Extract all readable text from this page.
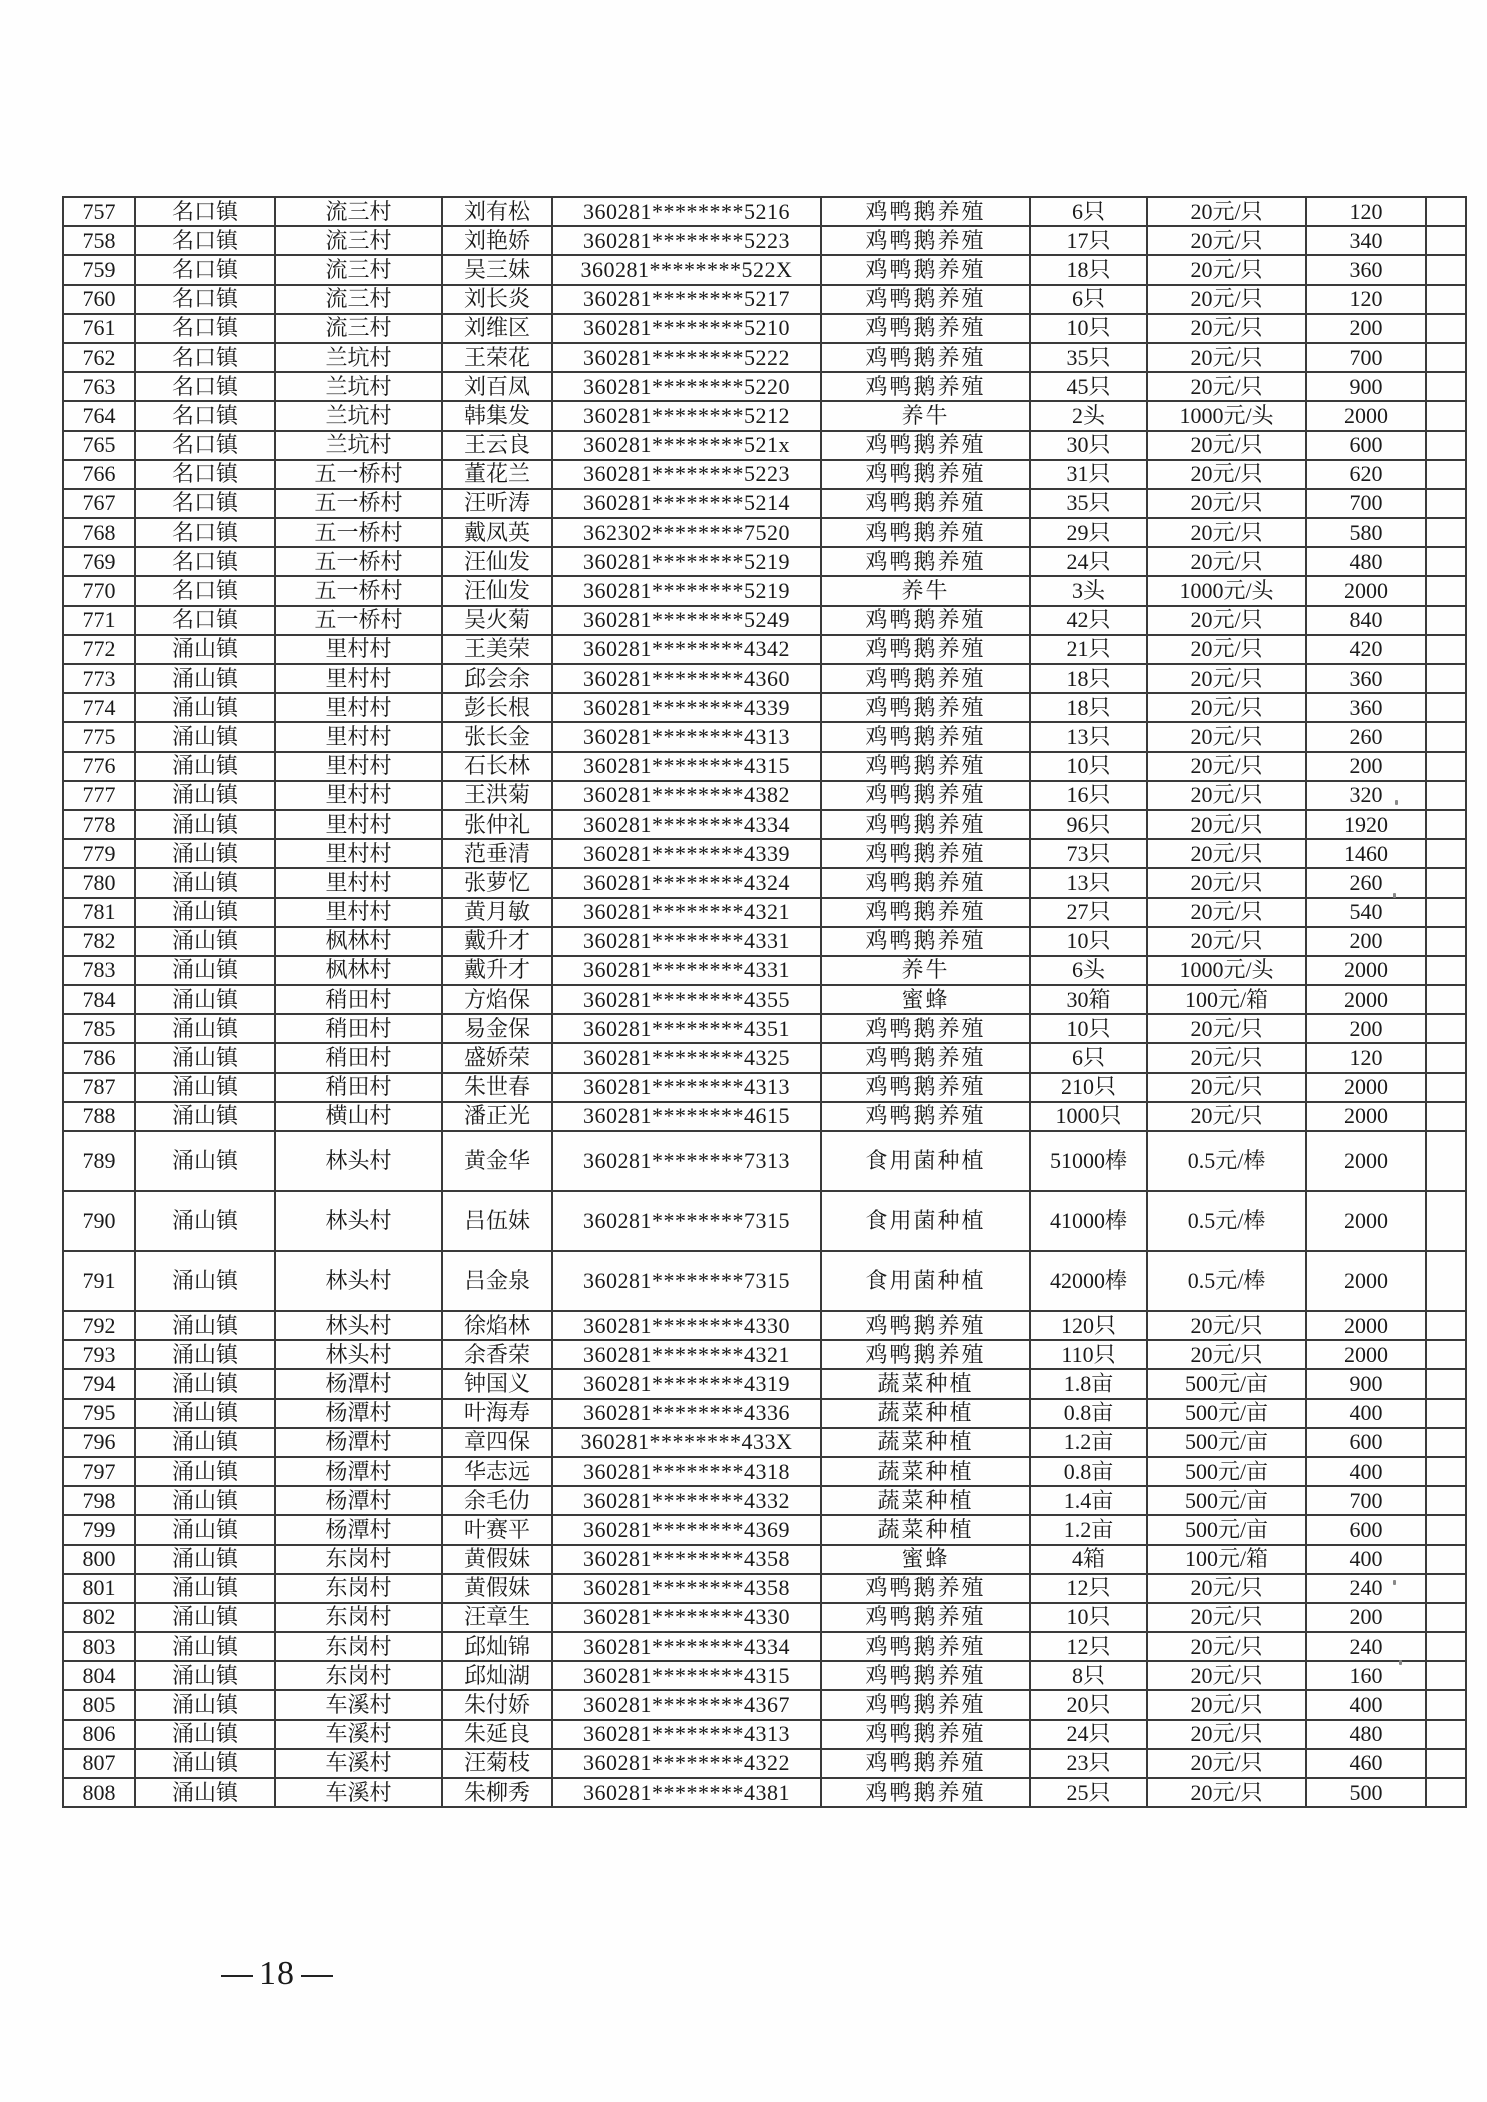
757	名口镇	流三村	刘有松	360281********5216	鸡鸭鹅养殖	6只	20元/只	120	
758	名口镇	流三村	刘艳娇	360281********5223	鸡鸭鹅养殖	17只	20元/只	340	
759	名口镇	流三村	吴三妹	360281********522X	鸡鸭鹅养殖	18只	20元/只	360	
760	名口镇	流三村	刘长炎	360281********5217	鸡鸭鹅养殖	6只	20元/只	120	
761	名口镇	流三村	刘维区	360281********5210	鸡鸭鹅养殖	10只	20元/只	200	
762	名口镇	兰坑村	王荣花	360281********5222	鸡鸭鹅养殖	35只	20元/只	700	
763	名口镇	兰坑村	刘百凤	360281********5220	鸡鸭鹅养殖	45只	20元/只	900	
764	名口镇	兰坑村	韩集发	360281********5212	养牛	2头	1000元/头	2000	
765	名口镇	兰坑村	王云良	360281********521x	鸡鸭鹅养殖	30只	20元/只	600	
766	名口镇	五一桥村	董花兰	360281********5223	鸡鸭鹅养殖	31只	20元/只	620	
767	名口镇	五一桥村	汪听涛	360281********5214	鸡鸭鹅养殖	35只	20元/只	700	
768	名口镇	五一桥村	戴凤英	362302********7520	鸡鸭鹅养殖	29只	20元/只	580	
769	名口镇	五一桥村	汪仙发	360281********5219	鸡鸭鹅养殖	24只	20元/只	480	
770	名口镇	五一桥村	汪仙发	360281********5219	养牛	3头	1000元/头	2000	
771	名口镇	五一桥村	吴火菊	360281********5249	鸡鸭鹅养殖	42只	20元/只	840	
772	涌山镇	里村村	王美荣	360281********4342	鸡鸭鹅养殖	21只	20元/只	420	
773	涌山镇	里村村	邱会余	360281********4360	鸡鸭鹅养殖	18只	20元/只	360	
774	涌山镇	里村村	彭长根	360281********4339	鸡鸭鹅养殖	18只	20元/只	360	
775	涌山镇	里村村	张长金	360281********4313	鸡鸭鹅养殖	13只	20元/只	260	
776	涌山镇	里村村	石长林	360281********4315	鸡鸭鹅养殖	10只	20元/只	200	
777	涌山镇	里村村	王洪菊	360281********4382	鸡鸭鹅养殖	16只	20元/只	320	
778	涌山镇	里村村	张仲礼	360281********4334	鸡鸭鹅养殖	96只	20元/只	1920	
779	涌山镇	里村村	范垂清	360281********4339	鸡鸭鹅养殖	73只	20元/只	1460	
780	涌山镇	里村村	张萝忆	360281********4324	鸡鸭鹅养殖	13只	20元/只	260	
781	涌山镇	里村村	黄月敏	360281********4321	鸡鸭鹅养殖	27只	20元/只	540	
782	涌山镇	枫林村	戴升才	360281********4331	鸡鸭鹅养殖	10只	20元/只	200	
783	涌山镇	枫林村	戴升才	360281********4331	养牛	6头	1000元/头	2000	
784	涌山镇	稍田村	方焰保	360281********4355	蜜蜂	30箱	100元/箱	2000	
785	涌山镇	稍田村	易金保	360281********4351	鸡鸭鹅养殖	10只	20元/只	200	
786	涌山镇	稍田村	盛娇荣	360281********4325	鸡鸭鹅养殖	6只	20元/只	120	
787	涌山镇	稍田村	朱世春	360281********4313	鸡鸭鹅养殖	210只	20元/只	2000	
788	涌山镇	横山村	潘正光	360281********4615	鸡鸭鹅养殖	1000只	20元/只	2000	
789	涌山镇	林头村	黄金华	360281********7313	食用菌种植	51000棒	0.5元/棒	2000	
790	涌山镇	林头村	吕伍妹	360281********7315	食用菌种植	41000棒	0.5元/棒	2000	
791	涌山镇	林头村	吕金泉	360281********7315	食用菌种植	42000棒	0.5元/棒	2000	
792	涌山镇	林头村	徐焰林	360281********4330	鸡鸭鹅养殖	120只	20元/只	2000	
793	涌山镇	林头村	余香荣	360281********4321	鸡鸭鹅养殖	110只	20元/只	2000	
794	涌山镇	杨潭村	钟国义	360281********4319	蔬菜种植	1.8亩	500元/亩	900	
795	涌山镇	杨潭村	叶海寿	360281********4336	蔬菜种植	0.8亩	500元/亩	400	
796	涌山镇	杨潭村	章四保	360281********433X	蔬菜种植	1.2亩	500元/亩	600	
797	涌山镇	杨潭村	华志远	360281********4318	蔬菜种植	0.8亩	500元/亩	400	
798	涌山镇	杨潭村	余毛仂	360281********4332	蔬菜种植	1.4亩	500元/亩	700	
799	涌山镇	杨潭村	叶赛平	360281********4369	蔬菜种植	1.2亩	500元/亩	600	
800	涌山镇	东岗村	黄假妹	360281********4358	蜜蜂	4箱	100元/箱	400	
801	涌山镇	东岗村	黄假妹	360281********4358	鸡鸭鹅养殖	12只	20元/只	240	
802	涌山镇	东岗村	汪章生	360281********4330	鸡鸭鹅养殖	10只	20元/只	200	
803	涌山镇	东岗村	邱灿锦	360281********4334	鸡鸭鹅养殖	12只	20元/只	240	
804	涌山镇	东岗村	邱灿湖	360281********4315	鸡鸭鹅养殖	8只	20元/只	160	
805	涌山镇	车溪村	朱付娇	360281********4367	鸡鸭鹅养殖	20只	20元/只	400	
806	涌山镇	车溪村	朱延良	360281********4313	鸡鸭鹅养殖	24只	20元/只	480	
807	涌山镇	车溪村	汪菊枝	360281********4322	鸡鸭鹅养殖	23只	20元/只	460	
808	涌山镇	车溪村	朱柳秀	360281********4381	鸡鸭鹅养殖	25只	20元/只	500	
18
